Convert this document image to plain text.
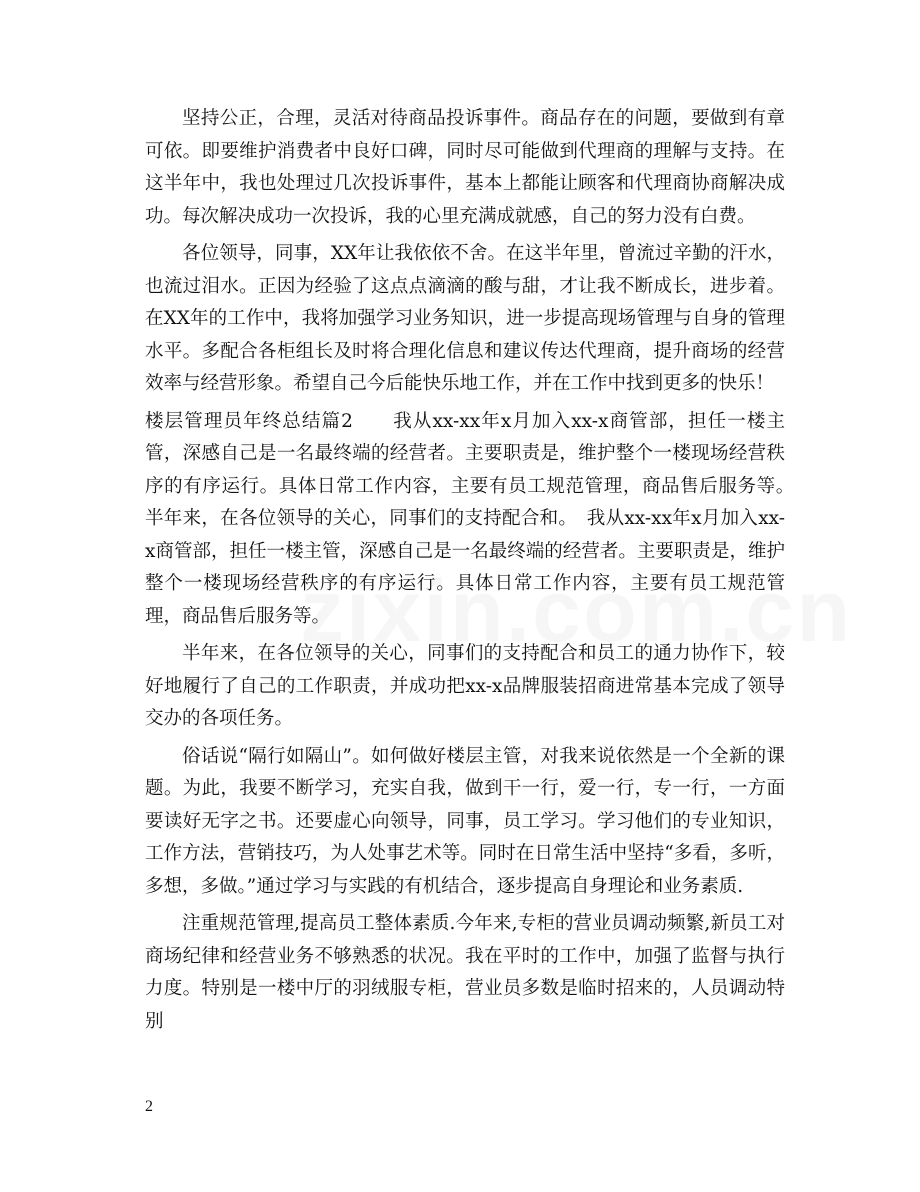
坚持公正，合理，灵活对待商品投诉事件。商品存在的问题，要做到有章可依。即要维护消费者中良好口碑，同时尽可能做到代理商的理解与支持。在这半年中，我也处理过几次投诉事件，基本上都能让顾客和代理商协商解决成功。每次解决成功一次投诉，我的心里充满成就感，自己的努力没有白费。

各位领导，同事，XX年让我依依不舍。在这半年里，曾流过辛勤的汗水，也流过泪水。正因为经验了这点点滴滴的酸与甜，才让我不断成长，进步着。在XX年的工作中，我将加强学习业务知识，进一步提高现场管理与自身的管理水平。多配合各柜组长及时将合理化信息和建议传达代理商，提升商场的经营效率与经营形象。希望自己今后能快乐地工作，并在工作中找到更多的快乐！

楼层管理员年终总结篇2　　我从xx-xx年x月加入xx-x商管部，担任一楼主管，深感自己是一名最终端的经营者。主要职责是，维护整个一楼现场经营秩序的有序运行。具体日常工作内容，主要有员工规范管理，商品售后服务等。　半年来，在各位领导的关心，同事们的支持配合和。　我从xx-xx年x月加入xx-x商管部，担任一楼主管，深感自己是一名最终端的经营者。主要职责是，维护整个一楼现场经营秩序的有序运行。具体日常工作内容，主要有员工规范管理，商品售后服务等。

半年来，在各位领导的关心，同事们的支持配合和员工的通力协作下，较好地履行了自己的工作职责，并成功把xx-x品牌服装招商进常基本完成了领导交办的各项任务。

俗话说“隔行如隔山”。如何做好楼层主管，对我来说依然是一个全新的课题。为此，我要不断学习，充实自我，做到干一行，爱一行，专一行，一方面要读好无字之书。还要虚心向领导，同事，员工学习。学习他们的专业知识，工作方法，营销技巧，为人处事艺术等。同时在日常生活中坚持“多看，多听，多想，多做。”通过学习与实践的有机结合，逐步提高自身理论和业务素质.

注重规范管理,提高员工整体素质.今年来,专柜的营业员调动频繁,新员工对商场纪律和经营业务不够熟悉的状况。我在平时的工作中，加强了监督与执行力度。特别是一楼中厅的羽绒服专柜，营业员多数是临时招来的，人员调动特别

2
